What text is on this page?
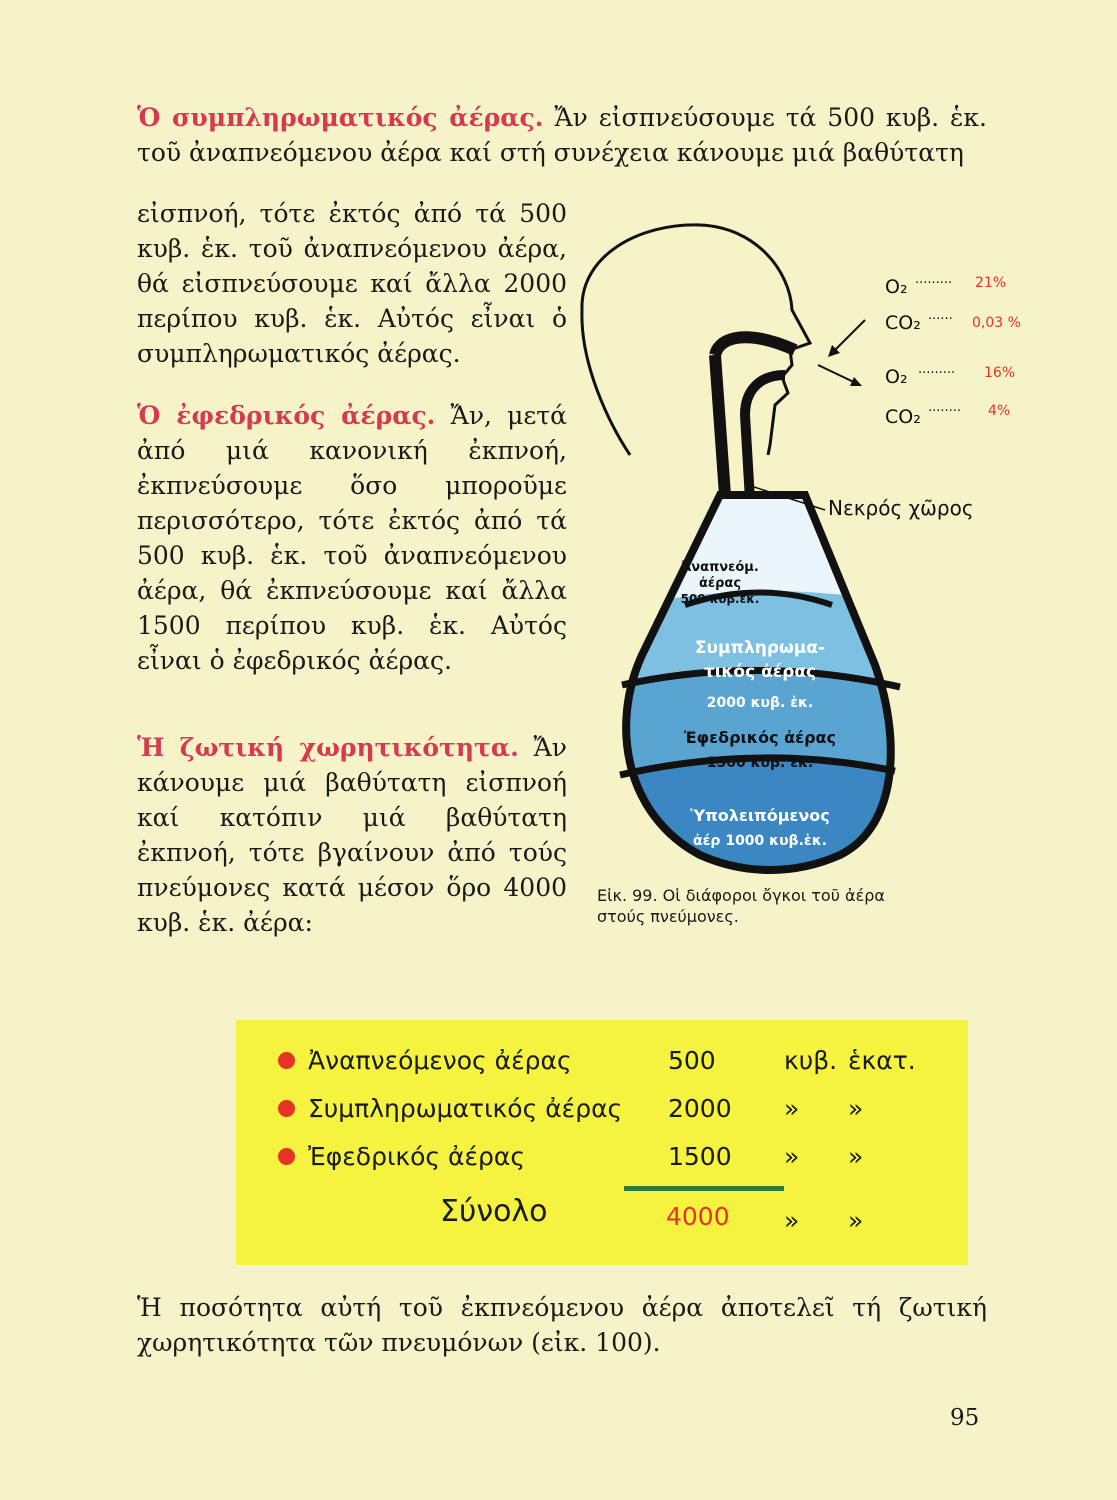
Ὁ συμπληρωματικός ἀέρας. Ἄν εἰσπνεύσουμε τά 500 κυβ. ἑκ. τοῦ ἀναπνεόμενου ἀέρα καί στή συνέχεια κάνουμε μιά βαθύτατη

εἰσπνοή, τότε ἐκτός ἀπό τά 500 κυβ. ἑκ. τοῦ ἀναπνεόμενου ἀέρα, θά εἰσπνεύσουμε καί ἄλλα 2000 περίπου κυβ. ἑκ. Αὐτός εἶναι ὁ συμπληρωματικός ἀέρας.

Ὁ ἐφεδρικός ἀέρας. Ἄν, μετά ἀπό μιά κανονική ἐκπνοή, ἐκπνεύσουμε ὅσο μποροῦμε περισσότερο, τότε ἐκτός ἀπό τά 500 κυβ. ἑκ. τοῦ ἀναπνεόμενου ἀέρα, θά ἐκπνεύσουμε καί ἄλλα 1500 περίπου κυβ. ἑκ. Αὐτός εἶναι ὁ ἐφεδρικός ἀέρας.

Ἡ ζωτική χωρητικότητα. Ἄν κάνουμε μιά βαθύτατη εἰσπνοή καί κατόπιν μιά βαθύτατη ἐκπνοή, τότε βγαίνουν ἀπό τούς πνεύμονες κατά μέσον ὅρο 4000 κυβ. ἑκ. ἀέρα:

Ἀναπνεόμ.
ἀέρας
500 κυβ.ἑκ.
Συμπληρωμα-
τικός ἀέρας
2000 κυβ. ἑκ.
Ἐφεδρικός ἀέρας
1500 κυβ. ἑκ.
Ὑπολειπόμενος
ἀέρ 1000 κυβ.ἑκ.
O₂ ········· 21%
CO₂ ······ 0,03 %
O₂ ········· 16%
CO₂ ········ 4%
Νεκρός χῶρος
Εἰκ. 99. Οἱ διάφοροι ὄγκοι τοῦ ἀέρα στούς πνεύμονες.
Ἀναπνεόμενος ἀέρας	500	κυβ. ἑκατ.
Συμπληρωματικός ἀέρας 2000	» »
Ἐφεδρικός ἀέρας	1500	» »
Σύνολο	4000 » »

Ἡ ποσότητα αὐτή τοῦ ἐκπνεόμενου ἀέρα ἀποτελεῖ τή ζωτική χωρητικότητα τῶν πνευμόνων (εἰκ. 100).

95
